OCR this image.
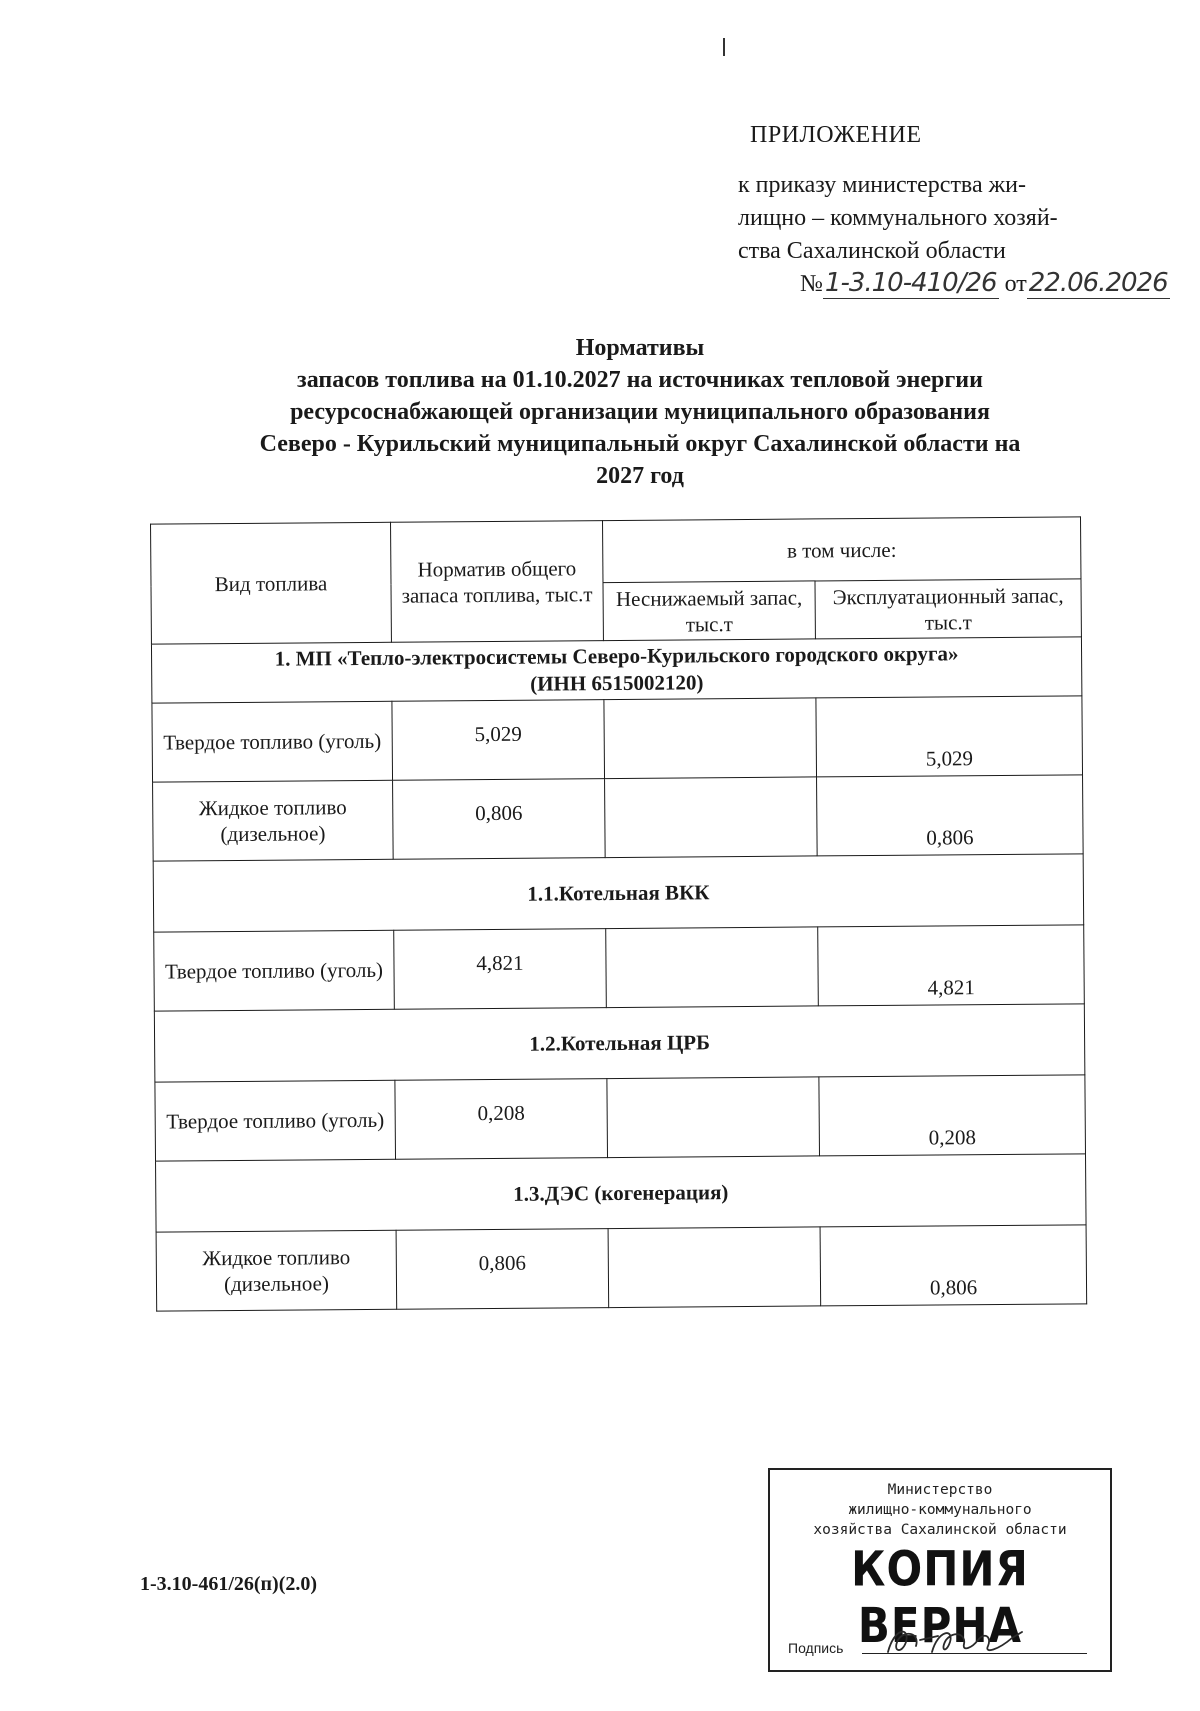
ПРИЛОЖЕНИЕ
к приказу министерства жи-
лищно – коммунального хозяй-
ства Сахалинской области
№1-3.10-410/26 от22.06.2026
Нормативы
запасов топлива на 01.10.2027 на источниках тепловой энергии
ресурсоснабжающей организации муниципального образования
Северо - Курильский муниципальный округ Сахалинской области на
2027 год
Вид топлива	Норматив общего запаса топлива, тыс.т	в том числе:	
		Неснижаемый запас, тыс.т	Эксплуатационный запас, тыс.т

1. МП «Тепло-электросистемы Северо-Курильского городского округа»
(ИНН 6515002120)			

Твердое топливо (уголь)	5,029		5,029
Жидкое топливо (дизельное)	0,806		0,806
1.1.Котельная ВКК			
Твердое топливо (уголь)	4,821		4,821
1.2.Котельная ЦРБ			
Твердое топливо (уголь)	0,208		0,208
1.3.ДЭС (когенерация)			
Жидкое топливо (дизельное)	0,806		0,806
1-3.10-461/26(п)(2.0)
Министерство
жилищно-коммунального
хозяйства Сахалинской области
КОПИЯ ВЕРНА
Подпись
